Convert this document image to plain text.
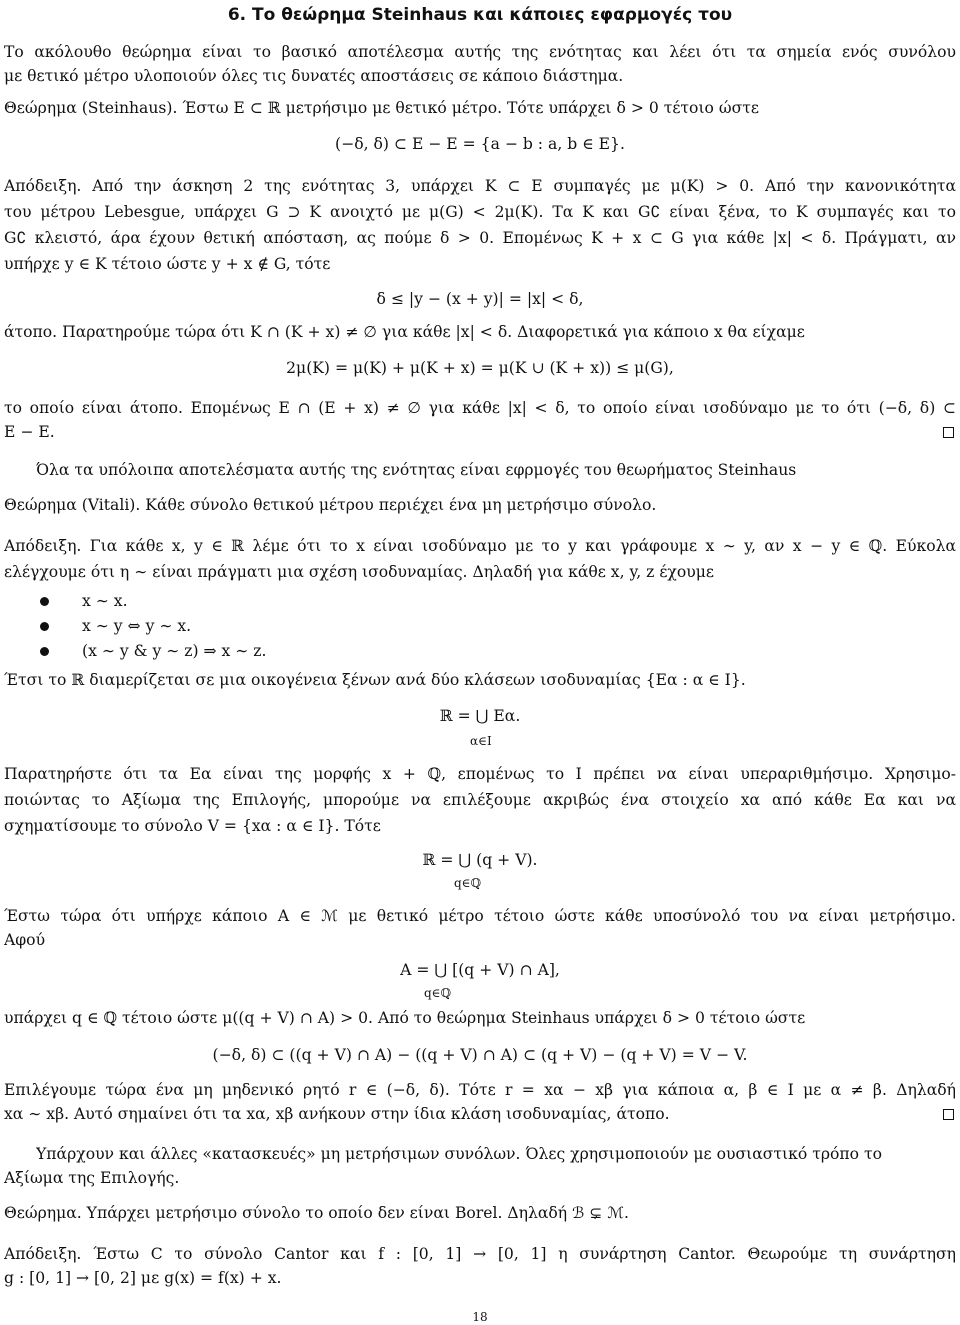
6. Το θεώρημα Steinhaus και κάποιες εφαρμογές του
Το ακόλουθο θεώρημα είναι το βασικό αποτέλεσμα αυτής της ενότητας και λέει ότι τα σημεία ενός συνόλου
με θετικό μέτρο υλοποιούν όλες τις δυνατές αποστάσεις σε κάποιο διάστημα.
Θεώρημα (Steinhaus). Έστω E ⊂ ℝ μετρήσιμο με θετικό μέτρο. Τότε υπάρχει δ > 0 τέτοιο ώστε
(−δ, δ) ⊂ E − E = {a − b : a, b ∈ E}.
Απόδειξη. Από την άσκηση 2 της ενότητας 3, υπάρχει K ⊂ E συμπαγές με μ(K) > 0. Από την κανονικότητα
του μέτρου Lebesgue, υπάρχει G ⊃ K ανοιχτό με μ(G) < 2μ(K). Τα K και G∁ είναι ξένα, το K συμπαγές και το
G∁ κλειστό, άρα έχουν θετική απόσταση, ας πούμε δ > 0. Επομένως K + x ⊂ G για κάθε |x| < δ. Πράγματι, αν
υπήρχε y ∈ K τέτοιο ώστε y + x ∉ G, τότε
δ ≤ |y − (x + y)| = |x| < δ,
άτοπο. Παρατηρούμε τώρα ότι K ∩ (K + x) ≠ ∅ για κάθε |x| < δ. Διαφορετικά για κάποιο x θα είχαμε
2μ(K) = μ(K) + μ(K + x) = μ(K ∪ (K + x)) ≤ μ(G),
το οποίο είναι άτοπο. Επομένως E ∩ (E + x) ≠ ∅ για κάθε |x| < δ, το οποίο είναι ισοδύναμο με το ότι (−δ, δ) ⊂
E − E.
Όλα τα υπόλοιπα αποτελέσματα αυτής της ενότητας είναι εφρμογές του θεωρήματος Steinhaus
Θεώρημα (Vitali). Κάθε σύνολο θετικού μέτρου περιέχει ένα μη μετρήσιμο σύνολο.
Απόδειξη. Για κάθε x, y ∈ ℝ λέμε ότι το x είναι ισοδύναμο με το y και γράφουμε x ∼ y, αν x − y ∈ ℚ. Εύκολα
ελέγχουμε ότι η ∼ είναι πράγματι μια σχέση ισοδυναμίας. Δηλαδή για κάθε x, y, z έχουμε
x ∼ x.
x ∼ y ⇔ y ∼ x.
(x ∼ y & y ∼ z) ⇒ x ∼ z.
Έτσι το ℝ διαμερίζεται σε μια οικογένεια ξένων ανά δύο κλάσεων ισοδυναμίας {Eα : α ∈ I}.
ℝ = ⋃ Eα.
α∈I
Παρατηρήστε ότι τα Eα είναι της μορφής x + ℚ, επομένως το I πρέπει να είναι υπεραριθμήσιμο. Χρησιμο-
ποιώντας το Αξίωμα της Επιλογής, μπορούμε να επιλέξουμε ακριβώς ένα στοιχείο xα από κάθε Eα και να
σχηματίσουμε το σύνολο V = {xα : α ∈ I}. Τότε
ℝ = ⋃ (q + V).
q∈ℚ
Έστω τώρα ότι υπήρχε κάποιο A ∈ ℳ με θετικό μέτρο τέτοιο ώστε κάθε υποσύνολό του να είναι μετρήσιμο.
Αφού
A = ⋃ [(q + V) ∩ A],
q∈ℚ
υπάρχει q ∈ ℚ τέτοιο ώστε μ((q + V) ∩ A) > 0. Από το θεώρημα Steinhaus υπάρχει δ > 0 τέτοιο ώστε
(−δ, δ) ⊂ ((q + V) ∩ A) − ((q + V) ∩ A) ⊂ (q + V) − (q + V) = V − V.
Επιλέγουμε τώρα ένα μη μηδενικό ρητό r ∈ (−δ, δ). Τότε r = xα − xβ για κάποια α, β ∈ I με α ≠ β. Δηλαδή
xα ∼ xβ. Αυτό σημαίνει ότι τα xα, xβ ανήκουν στην ίδια κλάση ισοδυναμίας, άτοπο.
Υπάρχουν και άλλες «κατασκευές» μη μετρήσιμων συνόλων. Όλες χρησιμοποιούν με ουσιαστικό τρόπο το
Αξίωμα της Επιλογής.
Θεώρημα. Υπάρχει μετρήσιμο σύνολο το οποίο δεν είναι Borel. Δηλαδή ℬ ⊊ ℳ.
Απόδειξη. Έστω C το σύνολο Cantor και f : [0, 1] → [0, 1] η συνάρτηση Cantor. Θεωρούμε τη συνάρτηση
g : [0, 1] → [0, 2] με g(x) = f(x) + x.
18
